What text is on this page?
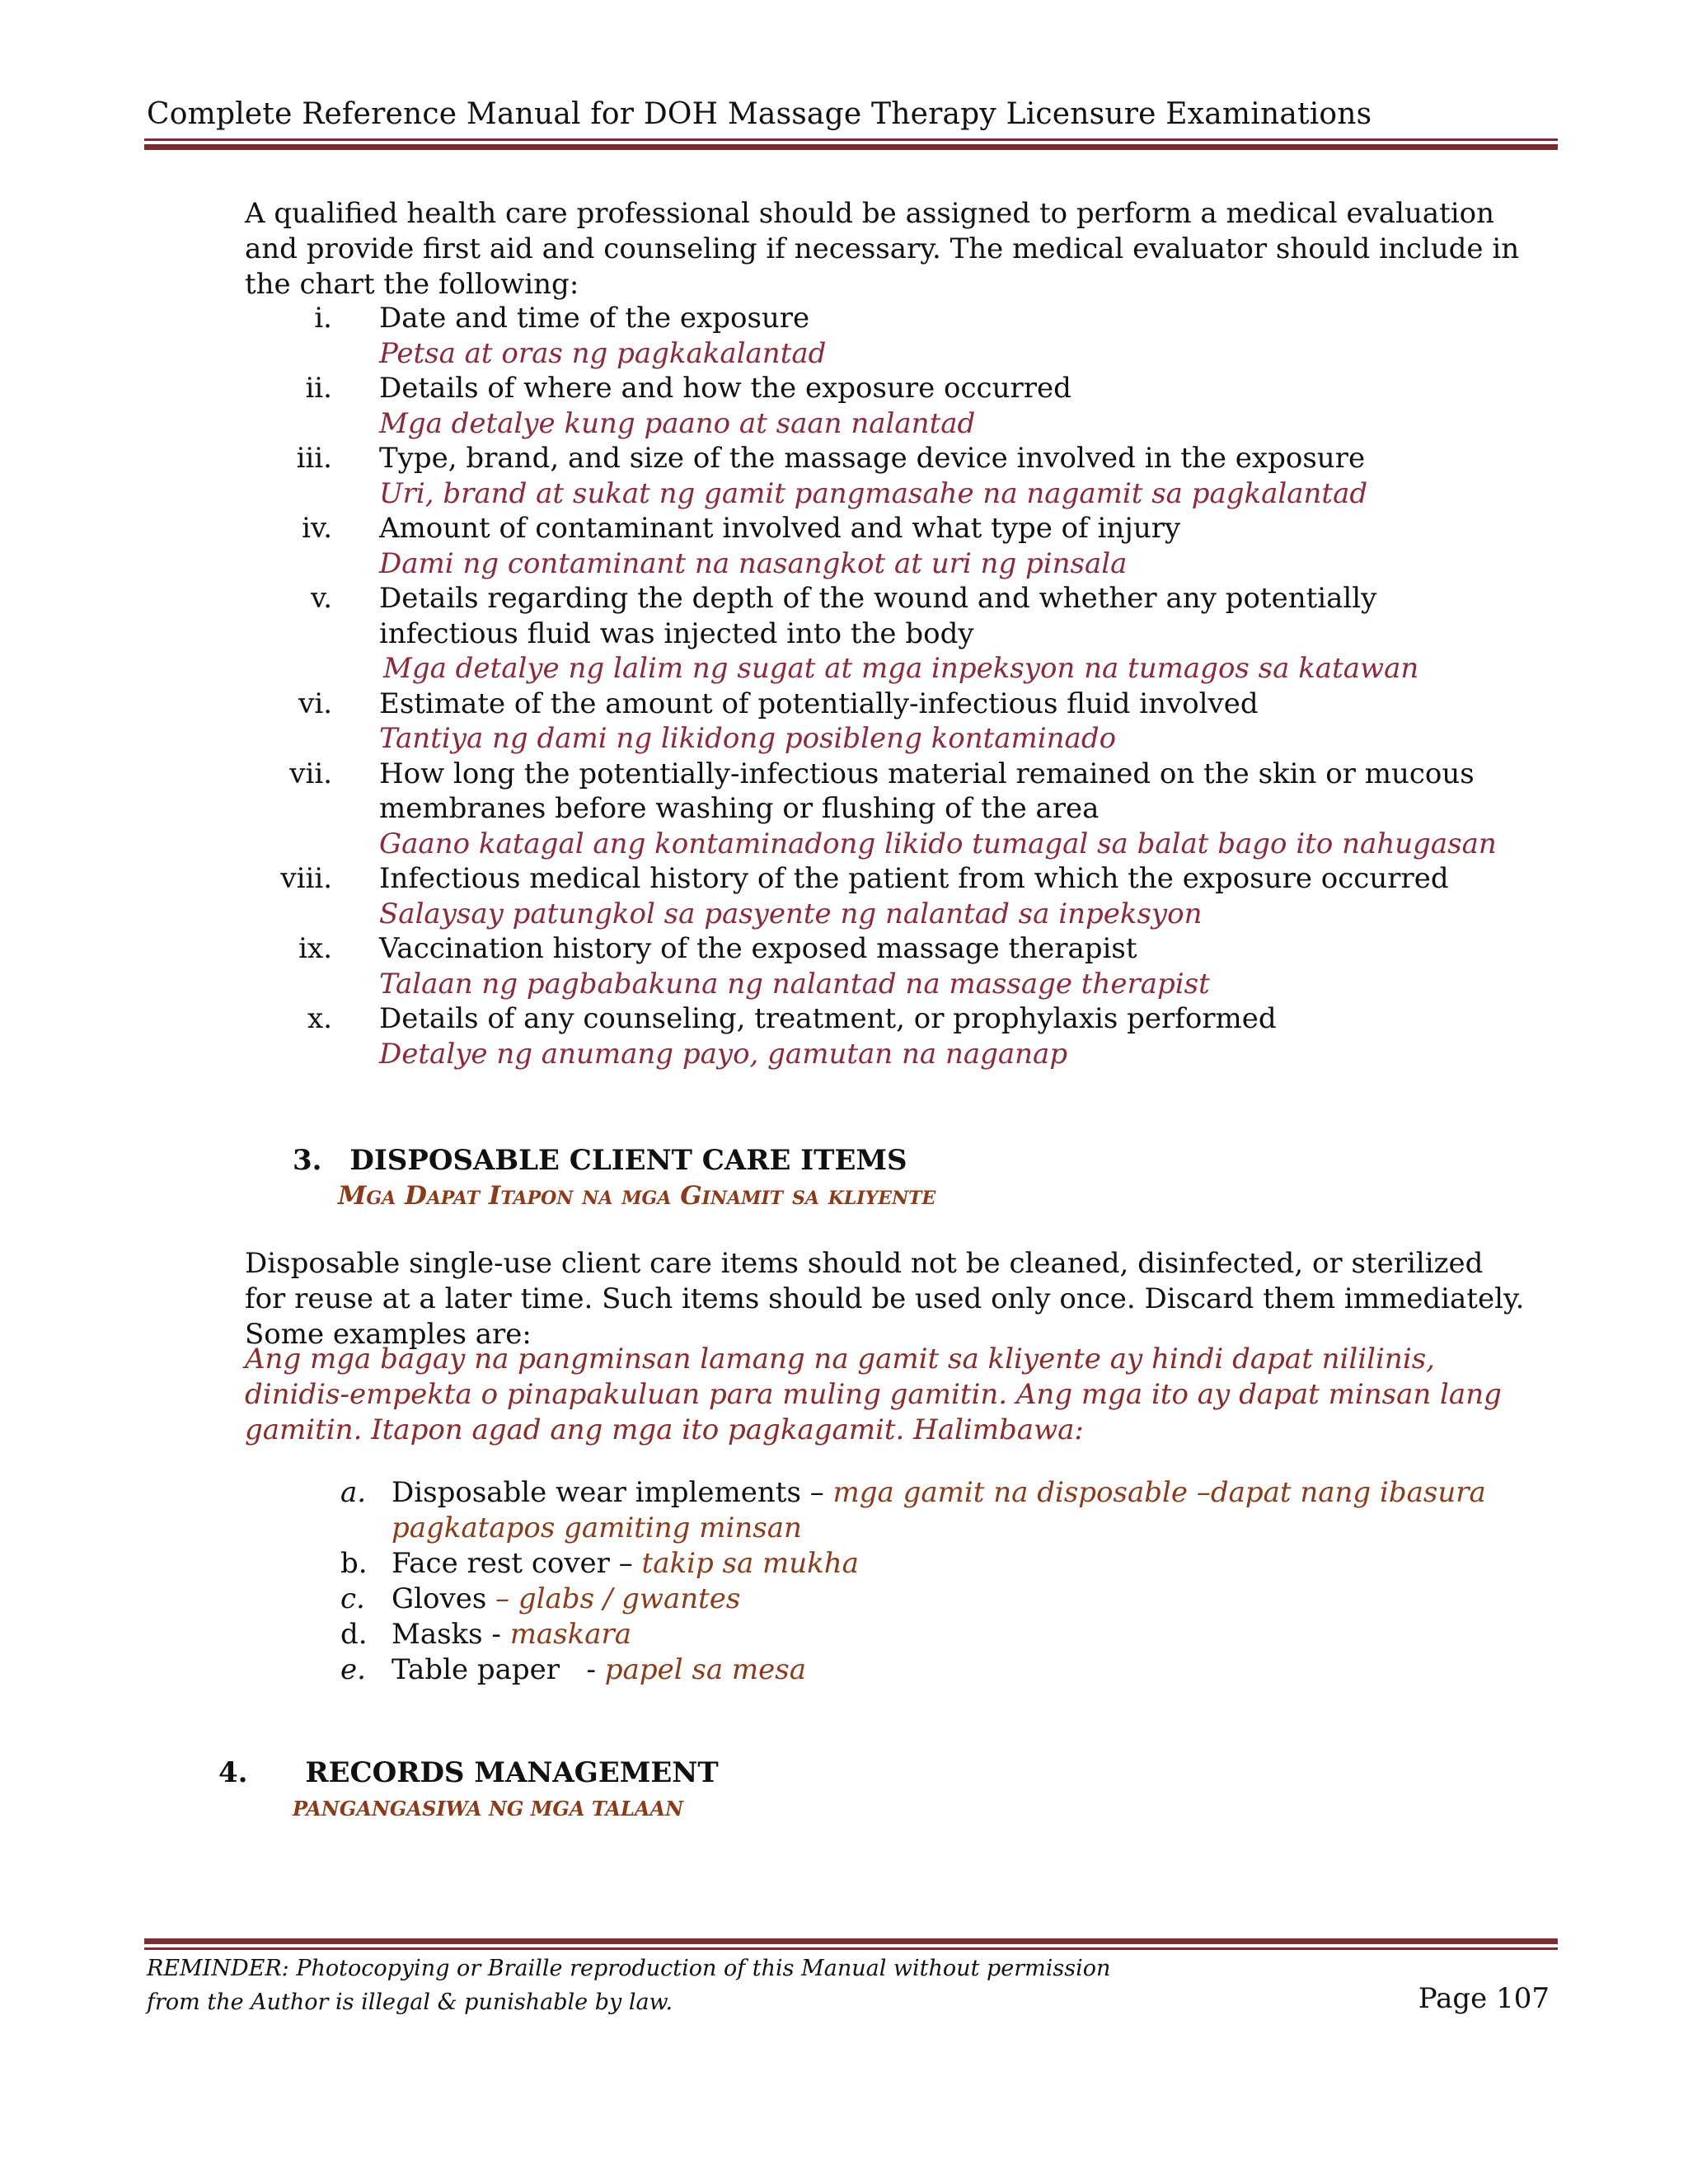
Complete Reference Manual for DOH Massage Therapy Licensure Examinations

A qualified health care professional should be assigned to perform a medical evaluation and provide first aid and counseling if necessary. The medical evaluator should include in the chart the following:

i. Date and time of the exposure
Petsa at oras ng pagkakalantad
ii. Details of where and how the exposure occurred
Mga detalye kung paano at saan nalantad
iii. Type, brand, and size of the massage device involved in the exposure
Uri, brand at sukat ng gamit pangmasahe na nagamit sa pagkalantad
iv. Amount of contaminant involved and what type of injury
Dami ng contaminant na nasangkot at uri ng pinsala
v. Details regarding the depth of the wound and whether any potentially infectious fluid was injected into the body
Mga detalye ng lalim ng sugat at mga inpeksyon na tumagos sa katawan
vi. Estimate of the amount of potentially-infectious fluid involved
Tantiya ng dami ng likidong posibleng kontaminado
vii. How long the potentially-infectious material remained on the skin or mucous membranes before washing or flushing of the area
Gaano katagal ang kontaminadong likido tumagal sa balat bago ito nahugasan
viii. Infectious medical history of the patient from which the exposure occurred
Salaysay patungkol sa pasyente ng nalantad sa inpeksyon
ix. Vaccination history of the exposed massage therapist
Talaan ng pagbabakuna ng nalantad na massage therapist
x. Details of any counseling, treatment, or prophylaxis performed
Detalye ng anumang payo, gamutan na naganap
3. DISPOSABLE CLIENT CARE ITEMS
Mga Dapat Itapon na mga Ginamit sa kliyente

Disposable single-use client care items should not be cleaned, disinfected, or sterilized for reuse at a later time. Such items should be used only once. Discard them immediately. Some examples are:

Ang mga bagay na pangminsan lamang na gamit sa kliyente ay hindi dapat nililinis, dinidis-empekta o pinapakuluan para muling gamitin. Ang mga ito ay dapat minsan lang gamitin. Itapon agad ang mga ito pagkagamit. Halimbawa:

a. Disposable wear implements – mga gamit na disposable –dapat nang ibasura pagkatapos gamiting minsan
b. Face rest cover – takip sa mukha
c. Gloves – glabs / gwantes
d. Masks - maskara
e. Table paper   - papel sa mesa
4. RECORDS MANAGEMENT
PANGANGASIWA NG MGA TALAAN
REMINDER: Photocopying or Braille reproduction of this Manual without permission
from the Author is illegal & punishable by law.	Page 107
